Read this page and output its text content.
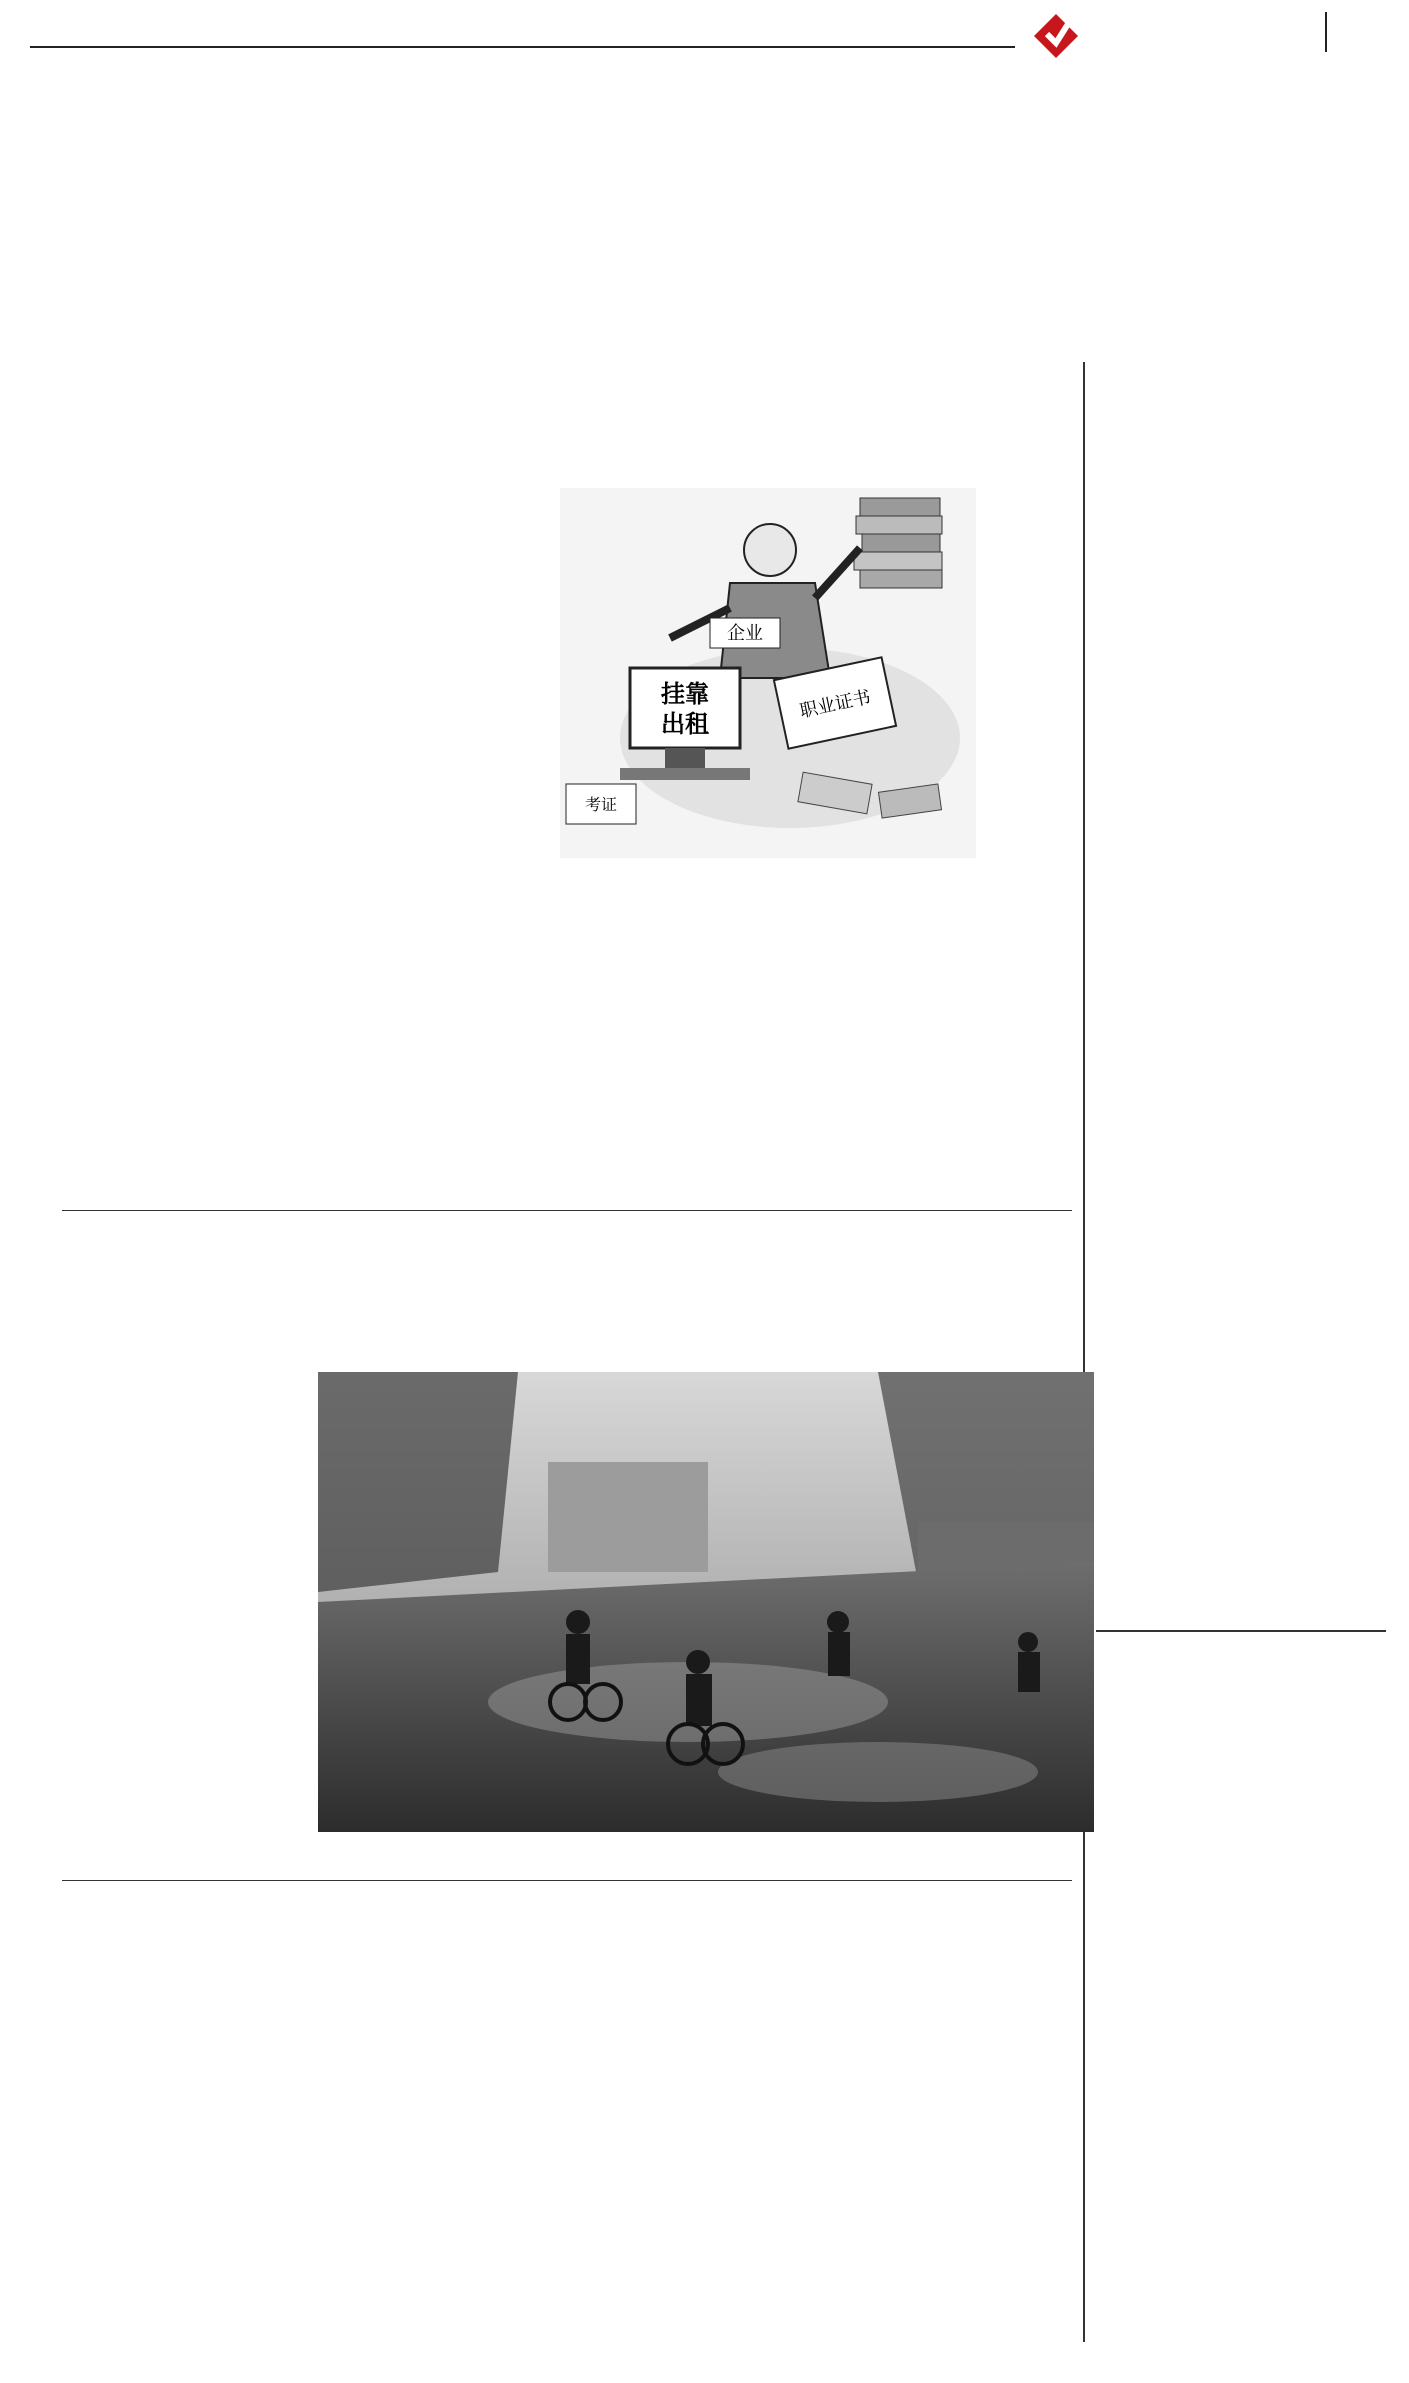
企业
职业证书
挂靠
出租
考证
